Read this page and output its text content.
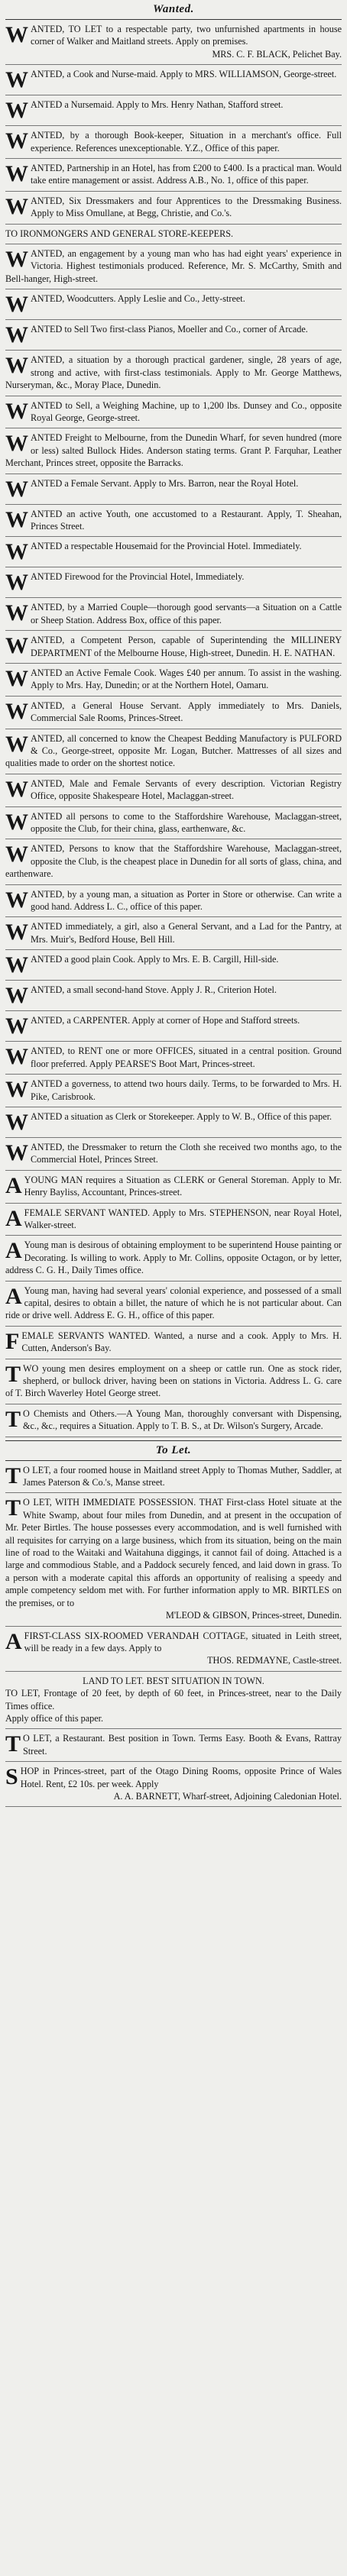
Wanted.
WANTED, TO LET to a respectable party, two unfurnished apartments in house corner of Walker and Maitland streets. Apply on premises.
MRS. C. F. BLACK, Pelichet Bay.
WANTED, a Cook and Nurse-maid. Apply to MRS. WILLIAMSON, George-street.
WANTED a Nursemaid. Apply to Mrs. Henry Nathan, Stafford street.
WANTED, by a thorough Book-keeper, Situation in a merchant's office. Full experience. References unexceptionable. Y.Z., Office of this paper.
WANTED, Partnership in an Hotel, has from £200 to £400. Is a practical man. Would take entire management or assist. Address A.B., No. 1, office of this paper.
WANTED, Six Dressmakers and four Apprentices to the Dressmaking Business. Apply to Miss Omullane, at Begg, Christie, and Co.'s.
TO IRONMONGERS AND GENERAL STORE-KEEPERS.
WANTED, an engagement by a young man who has had eight years' experience in Victoria. Highest testimonials produced. Reference, Mr. S. McCarthy, Smith and Bell-hanger, High-street.
WANTED, Woodcutters. Apply Leslie and Co., Jetty-street.
WANTED to Sell Two first-class Pianos, Moeller and Co., corner of Arcade.
WANTED, a situation by a thorough practical gardener, single, 28 years of age, strong and active, with first-class testimonials. Apply to Mr. George Matthews, Nurseryman, &c., Moray Place, Dunedin.
WANTED to Sell, a Weighing Machine, up to 1,200 lbs. Dunsey and Co., opposite Royal George, George-street.
WANTED Freight to Melbourne, from the Dunedin Wharf, for seven hundred (more or less) salted Bullock Hides. Anderson stating terms. Grant P. Farquhar, Leather Merchant, Princes street, opposite the Barracks.
WANTED a Female Servant. Apply to Mrs. Barron, near the Royal Hotel.
WANTED an active Youth, one accustomed to a Restaurant. Apply, T. Sheahan, Princes Street.
WANTED a respectable Housemaid for the Provincial Hotel. Immediately.
WANTED Firewood for the Provincial Hotel, Immediately.
WANTED, by a Married Couple—thorough good servants—a Situation on a Cattle or Sheep Station. Address Box, office of this paper.
WANTED, a Competent Person, capable of Superintending the MILLINERY DEPARTMENT of the Melbourne House, High-street, Dunedin. H. E. NATHAN.
WANTED an Active Female Cook. Wages £40 per annum. To assist in the washing. Apply to Mrs. Hay, Dunedin; or at the Northern Hotel, Oamaru.
WANTED, a General House Servant. Apply immediately to Mrs. Daniels, Commercial Sale Rooms, Princes-Street.
WANTED, all concerned to know the Cheapest Bedding Manufactory is PULFORD & Co., George-street, opposite Mr. Logan, Butcher. Mattresses of all sizes and qualities made to order on the shortest notice.
WANTED, Male and Female Servants of every description. Victorian Registry Office, opposite Shakespeare Hotel, Maclaggan-street.
WANTED all persons to come to the Staffordshire Warehouse, Maclaggan-street, opposite the Club, for their china, glass, earthenware, &c.
WANTED, Persons to know that the Staffordshire Warehouse, Maclaggan-street, opposite the Club, is the cheapest place in Dunedin for all sorts of glass, china, and earthenware.
WANTED, by a young man, a situation as Porter in Store or otherwise. Can write a good hand. Address L. C., office of this paper.
WANTED immediately, a girl, also a General Servant, and a Lad for the Pantry, at Mrs. Muir's, Bedford House, Bell Hill.
WANTED a good plain Cook. Apply to Mrs. E. B. Cargill, Hill-side.
WANTED, a small second-hand Stove. Apply J. R., Criterion Hotel.
WANTED, a CARPENTER. Apply at corner of Hope and Stafford streets.
WANTED, to RENT one or more OFFICES, situated in a central position. Ground floor preferred. Apply PEARSE'S Boot Mart, Princes-street.
WANTED a governess, to attend two hours daily. Terms, to be forwarded to Mrs. H. Pike, Carisbrook.
WANTED a situation as Clerk or Storekeeper. Apply to W. B., Office of this paper.
WANTED, the Dressmaker to return the Cloth she received two months ago, to the Commercial Hotel, Princes Street.
AYOUNG MAN requires a Situation as CLERK or General Storeman. Apply to Mr. Henry Bayliss, Accountant, Princes-street.
AFEMALE SERVANT WANTED. Apply to Mrs. STEPHENSON, near Royal Hotel, Walker-street.
A Young man is desirous of obtaining employment to be superintend House painting or Decorating. Is willing to work. Apply to Mr. Collins, opposite Octagon, or by letter, address C. G. H., Daily Times office.
A Young man, having had several years' colonial experience, and possessed of a small capital, desires to obtain a billet, the nature of which he is not particular about. Can ride or drive well. Address E. G. H., office of this paper.
FEMALE SERVANTS WANTED. Wanted, a nurse and a cook. Apply to Mrs. H. Cutten, Anderson's Bay.
TWO young men desires employment on a sheep or cattle run. One as stock rider, shepherd, or bullock driver, having been on stations in Victoria. Address L. G. care of T. Birch Waverley Hotel George street.
T O Chemists and Others.—A Young Man, thoroughly conversant with Dispensing, &c., &c., requires a Situation. Apply to T. B. S., at Dr. Wilson's Surgery, Arcade.
To Let.
T O LET, a four roomed house in Maitland street Apply to Thomas Muther, Saddler, at James Paterson & Co.'s, Manse street.
T O LET, WITH IMMEDIATE POSSESSION. THAT First-class Hotel situate at the White Swamp, about four miles from Dunedin, and at present in the occupation of Mr. Peter Birtles. The house possesses every accommodation, and is well furnished with all requisites for carrying on a large business, which from its situation, being on the main line of road to the Waitaki and Waitahuna diggings, it cannot fail of doing. Attached is a large and commodious Stable, and a Paddock securely fenced, and laid down in grass. To a person with a moderate capital this affords an opportunity of realising a speedy and ample competency seldom met with. For further information apply to MR. BIRTLES on the premises, or to
M'LEOD & GIBSON, Princes-street, Dunedin.
AFIRST-CLASS SIX-ROOMED VERANDAH COTTAGE, situated in Leith street, will be ready in a few days. Apply to
THOS. REDMAYNE, Castle-street.
LAND TO LET. BEST SITUATION IN TOWN.
TO LET, Frontage of 20 feet, by depth of 60 feet, in Princes-street, near to the Daily Times office.
Apply office of this paper.
T O LET, a Restaurant. Best position in Town. Terms Easy. Booth & Evans, Rattray Street.
SHOP in Princes-street, part of the Otago Dining Rooms, opposite Prince of Wales Hotel. Rent, £2 10s. per week. Apply
A. A. BARNETT, Wharf-street, Adjoining Caledonian Hotel.
